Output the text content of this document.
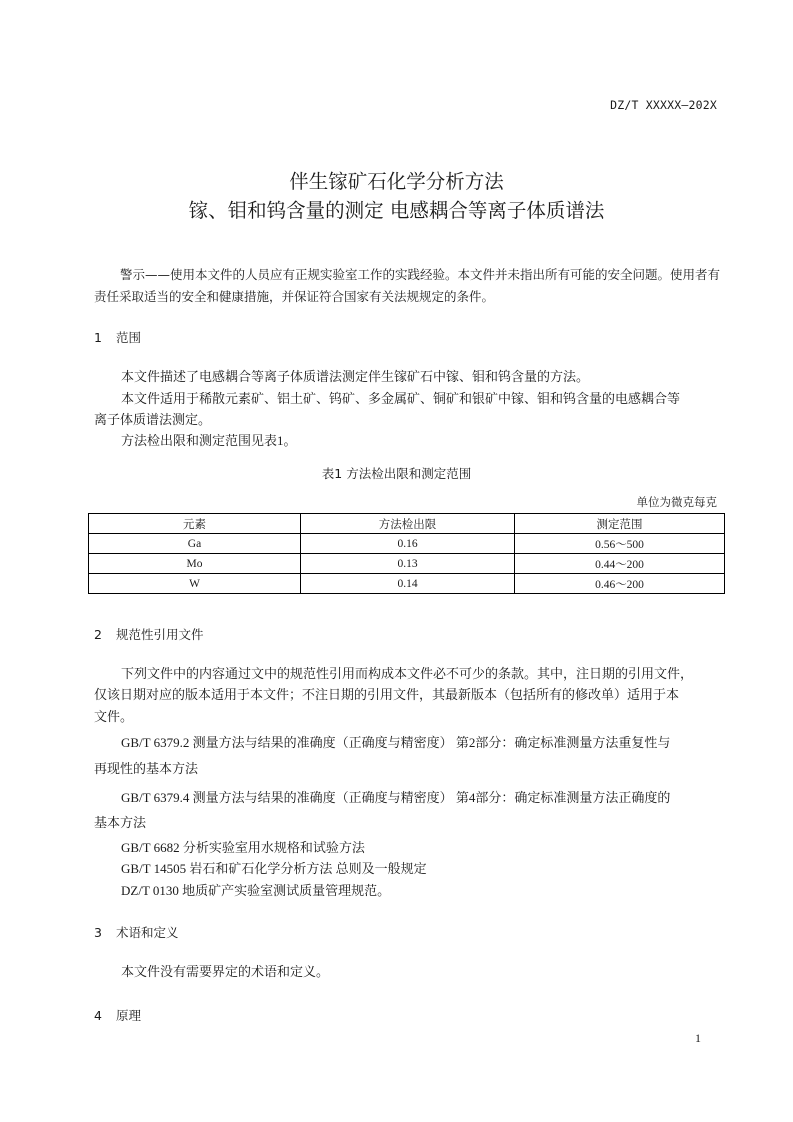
DZ/T XXXXX—202X
伴生镓矿石化学分析方法
镓、钼和钨含量的测定 电感耦合等离子体质谱法
警示——使用本文件的人员应有正规实验室工作的实践经验。本文件并未指出所有可能的安全问题。使用者有责任采取适当的安全和健康措施，并保证符合国家有关法规规定的条件。
1 范围
本文件描述了电感耦合等离子体质谱法测定伴生镓矿石中镓、钼和钨含量的方法。
本文件适用于稀散元素矿、铝土矿、钨矿、多金属矿、铜矿和银矿中镓、钼和钨含量的电感耦合等
离子体质谱法测定。
方法检出限和测定范围见表1。
表1 方法检出限和测定范围
单位为微克每克
元素	方法检出限	测定范围
Ga	0.16	0.56～500
Mo	0.13	0.44～200
W	0.14	0.46～200
2 规范性引用文件
下列文件中的内容通过文中的规范性引用而构成本文件必不可少的条款。其中，注日期的引用文件，
仅该日期对应的版本适用于本文件；不注日期的引用文件，其最新版本（包括所有的修改单）适用于本
文件。
GB/T 6379.2 测量方法与结果的准确度（正确度与精密度） 第2部分：确定标准测量方法重复性与
再现性的基本方法
GB/T 6379.4 测量方法与结果的准确度（正确度与精密度） 第4部分：确定标准测量方法正确度的
基本方法
GB/T 6682 分析实验室用水规格和试验方法
GB/T 14505 岩石和矿石化学分析方法 总则及一般规定
DZ/T 0130 地质矿产实验室测试质量管理规范。
3 术语和定义
本文件没有需要界定的术语和定义。
4 原理
1
